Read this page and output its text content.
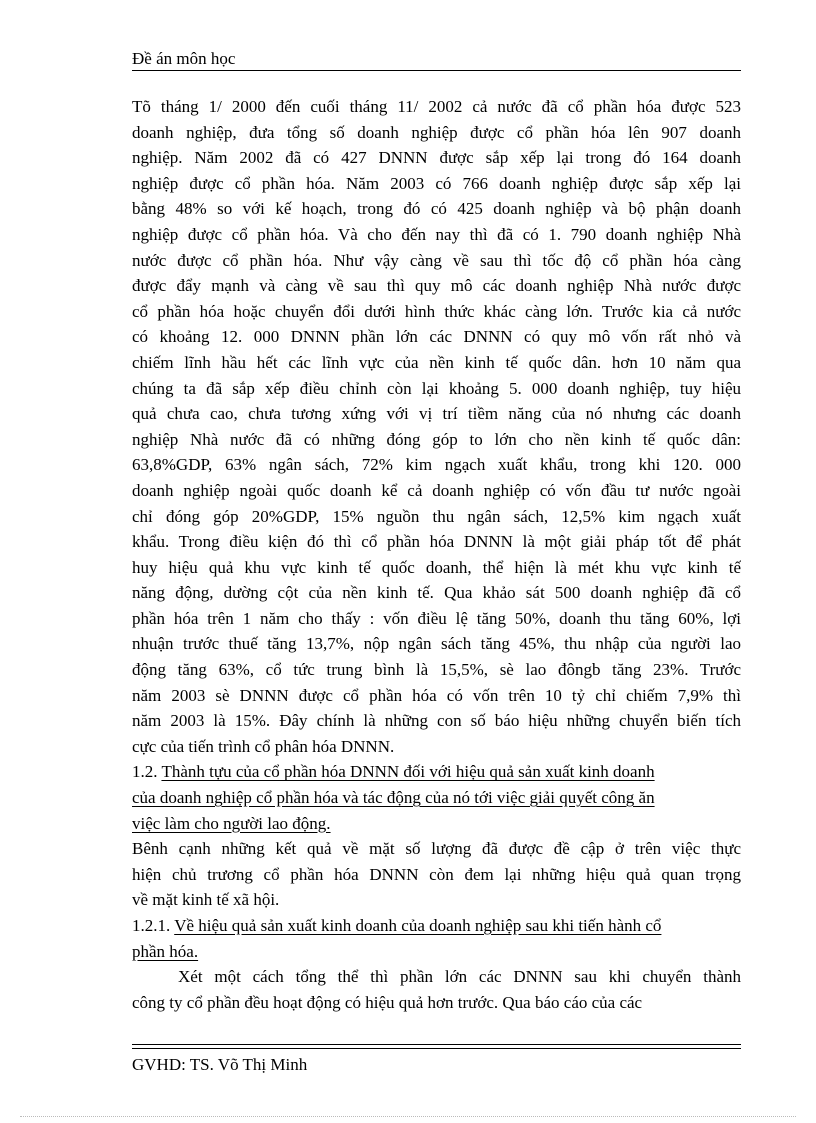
Đề án môn học
Tõ tháng 1/ 2000 đến cuối tháng 11/ 2002 cả nước đã cổ phần hóa được 523
doanh nghiệp, đưa tổng số doanh nghiệp được cổ phần hóa lên 907 doanh
nghiệp. Năm 2002 đã có 427 DNNN được sắp xếp lại trong đó 164 doanh
nghiệp được cổ phần hóa. Năm 2003 có 766 doanh nghiệp được sắp xếp lại
bằng 48% so với kế hoạch, trong đó có 425 doanh nghiệp và bộ phận doanh
nghiệp được cổ phần hóa. Và cho đến nay thì đã có 1. 790 doanh nghiệp Nhà
nước được cổ phần hóa. Như vậy càng về sau thì tốc độ cổ phần hóa càng
được đẩy mạnh và càng về sau thì quy mô các doanh nghiệp Nhà nước được
cổ phần hóa hoặc chuyển đổi dưới hình thức khác càng lớn. Trước kia cả nước
có khoảng 12. 000 DNNN phần lớn các DNNN có quy mô vốn rất nhỏ và
chiếm lĩnh hầu hết các lĩnh vực của nền kinh tế quốc dân. hơn 10 năm qua
chúng ta đã sắp xếp điều chỉnh còn lại khoảng 5. 000 doanh nghiệp, tuy hiệu
quả chưa cao, chưa tương xứng với vị trí tiềm năng của nó nhưng các doanh
nghiệp Nhà nước đã có những đóng góp to lớn cho nền kinh tế quốc dân:
63,8%GDP, 63% ngân sách, 72% kim ngạch xuất khẩu, trong khi 120. 000
doanh nghiệp ngoài quốc doanh kể cả doanh nghiệp có vốn đầu tư nước ngoài
chỉ đóng góp 20%GDP, 15% nguồn thu ngân sách, 12,5% kim ngạch xuất
khẩu. Trong điều kiện đó thì cổ phần hóa DNNN là một giải pháp tốt để phát
huy hiệu quả khu vực kinh tế quốc doanh, thể hiện là mét khu vực kinh tế
năng động, dường cột của nền kinh tế. Qua khảo sát 500 doanh nghiệp đã cổ
phần hóa trên 1 năm cho thấy : vốn điều lệ tăng 50%, doanh thu tăng 60%, lợi
nhuận trước thuế tăng 13,7%, nộp ngân sách tăng 45%, thu nhập của người lao
động tăng 63%, cổ tức trung bình là 15,5%, sè lao đôngb tăng 23%. Trước
năm 2003 sè DNNN được cổ phần hóa có vốn trên 10 tỷ chỉ chiếm 7,9% thì
năm 2003 là 15%. Đây chính là những con số báo hiệu những chuyển biến tích
cực của tiến trình cổ phân hóa DNNN.
1.2. Thành tựu của cổ phần hóa DNNN đối với hiệu quả sản xuất kinh doanh
của doanh nghiệp cổ phần hóa và tác động của nó tới việc giải quyết công ăn
việc làm cho người lao động.
Bênh cạnh những kết quả về mặt số lượng đã được đề cập ở trên việc thực
hiện chủ trương cổ phần hóa DNNN còn đem lại những hiệu quả quan trọng
về mặt kinh tế xã hội.
1.2.1. Về hiệu quả sản xuất kinh doanh của doanh nghiệp sau khi tiến hành cổ
phần hóa.
Xét một cách tổng thể thì phần lớn các DNNN sau khi chuyển thành
công ty cổ phần đều hoạt động có hiệu quả hơn trước. Qua báo cáo của các
GVHD: TS. Võ Thị Minh
